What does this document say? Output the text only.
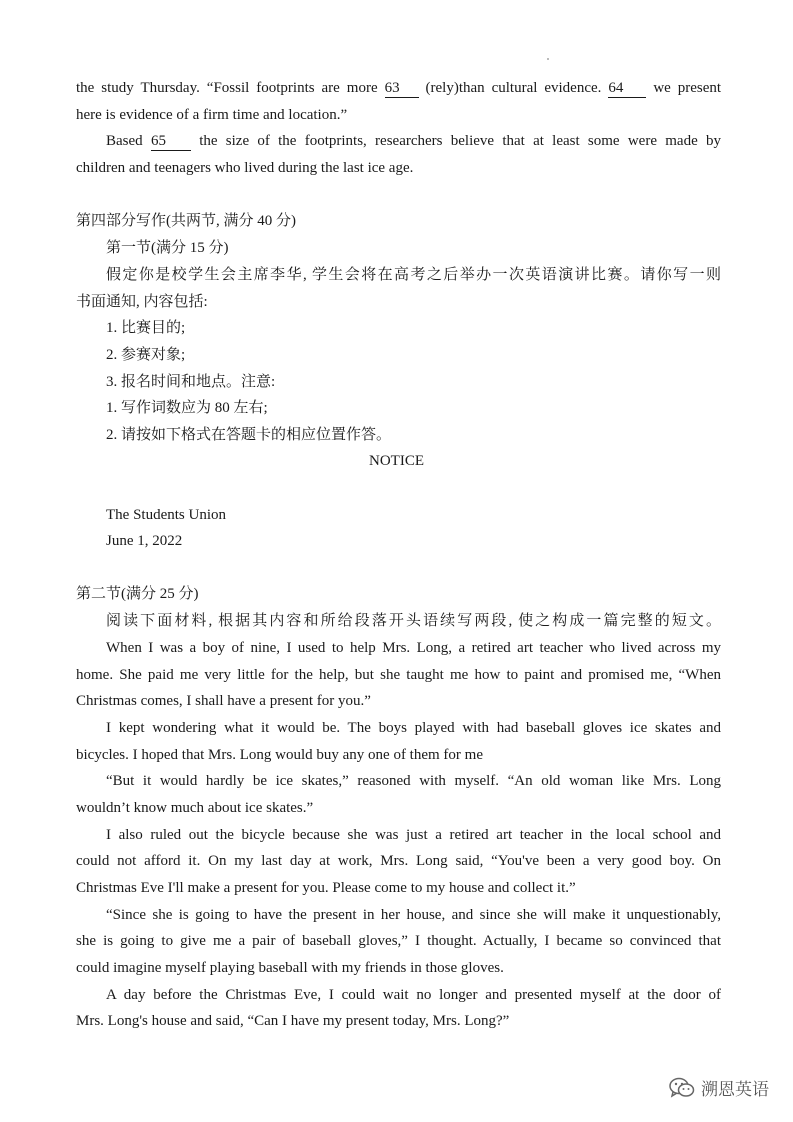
the study Thursday. “Fossil footprints are more 63 (rely)than cultural evidence. 64 we present
here is evidence of a firm time and location.”
Based 65 the size of the footprints, researchers believe that at least some were made by
children and teenagers who lived during the last ice age.
第四部分写作(共两节, 满分 40 分)
第一节(满分 15 分)
假定你是校学生会主席李华, 学生会将在高考之后举办一次英语演讲比赛。请你写一则
书面通知, 内容包括:
1. 比赛目的;
2. 参赛对象;
3. 报名时间和地点。注意:
1. 写作词数应为 80 左右;
2. 请按如下格式在答题卡的相应位置作答。
NOTICE
The Students Union
June 1, 2022
第二节(满分 25 分)
阅读下面材料, 根据其内容和所给段落开头语续写两段, 使之构成一篇完整的短文。
When I was a boy of nine, I used to help Mrs. Long, a retired art teacher who lived across my
home. She paid me very little for the help, but she taught me how to paint and promised me, “When
Christmas comes, I shall have a present for you.”
I kept wondering what it would be. The boys played with had baseball gloves ice skates and
bicycles. I hoped that Mrs. Long would buy any one of them for me
“But it would hardly be ice skates,” reasoned with myself. “An old woman like Mrs. Long
wouldn’t know much about ice skates.”
I also ruled out the bicycle because she was just a retired art teacher in the local school and
could not afford it. On my last day at work, Mrs. Long said, “You've been a very good boy. On
Christmas Eve I'll make a present for you. Please come to my house and collect it.”
“Since she is going to have the present in her house, and since she will make it unquestionably,
she is going to give me a pair of baseball gloves,” I thought. Actually, I became so convinced that
could imagine myself playing baseball with my friends in those gloves.
A day before the Christmas Eve, I could wait no longer and presented myself at the door of
Mrs. Long's house and said, “Can I have my present today, Mrs. Long?”
溯恩英语
